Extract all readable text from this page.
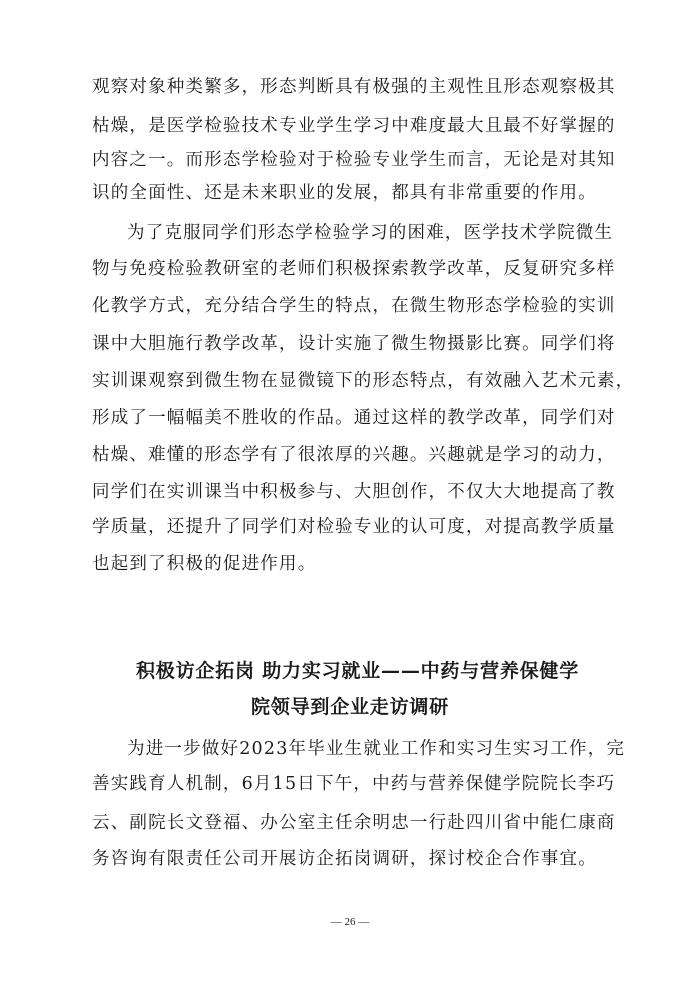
观察对象种类繁多，形态判断具有极强的主观性且形态观察极其
枯燥，是医学检验技术专业学生学习中难度最大且最不好掌握的
内容之一。而形态学检验对于检验专业学生而言，无论是对其知
识的全面性、还是未来职业的发展，都具有非常重要的作用。
为了克服同学们形态学检验学习的困难，医学技术学院微生
物与免疫检验教研室的老师们积极探索教学改革，反复研究多样
化教学方式，充分结合学生的特点，在微生物形态学检验的实训
课中大胆施行教学改革，设计实施了微生物摄影比赛。同学们将
实训课观察到微生物在显微镜下的形态特点，有效融入艺术元素，
形成了一幅幅美不胜收的作品。通过这样的教学改革，同学们对
枯燥、难懂的形态学有了很浓厚的兴趣。兴趣就是学习的动力，
同学们在实训课当中积极参与、大胆创作，不仅大大地提高了教
学质量，还提升了同学们对检验专业的认可度，对提高教学质量
也起到了积极的促进作用。
积极访企拓岗 助力实习就业——中药与营养保健学
院领导到企业走访调研
为进一步做好2023年毕业生就业工作和实习生实习工作，完
善实践育人机制，6月15日下午，中药与营养保健学院院长李巧
云、副院长文登福、办公室主任余明忠一行赴四川省中能仁康商
务咨询有限责任公司开展访企拓岗调研，探讨校企合作事宜。
— 26 —
